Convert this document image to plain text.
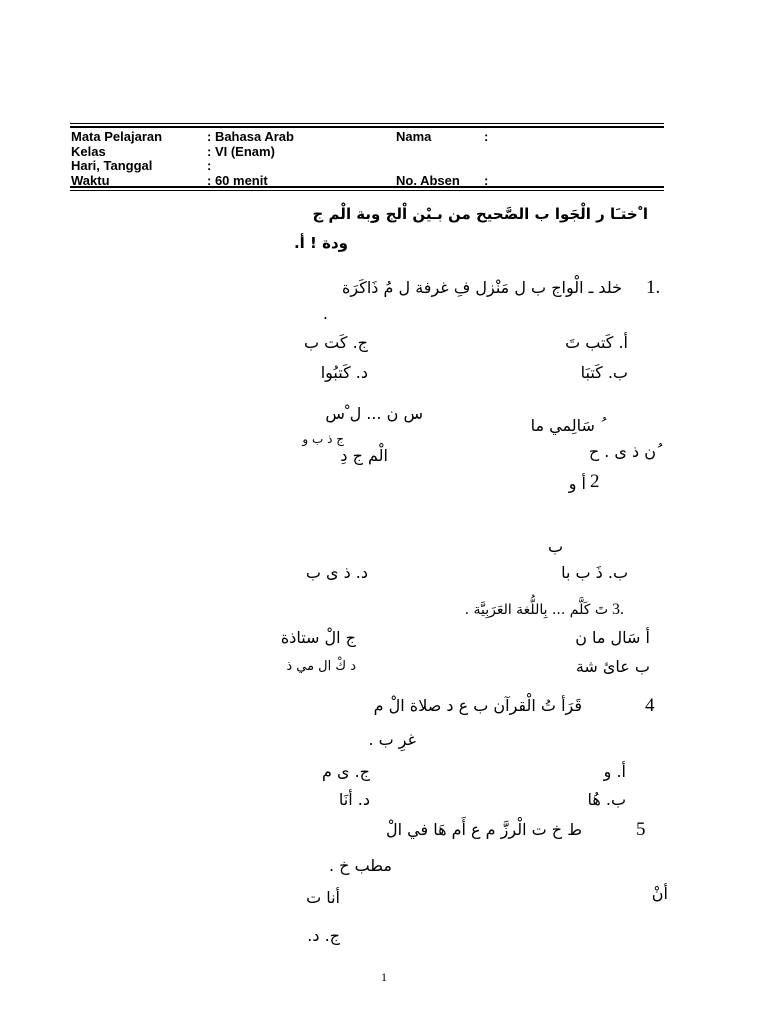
Mata Pelajaran	: Bahasa Arab	Nama	:
Kelas	: VI (Enam)
Hari, Tanggal	:
Waktu	: 60 menit	No. Absen :
ا ْختـَا ر الْجَوا ب الصَّحيح من بـيْن اْلج وبة الْم ج
ودة ! أ.
1.
خلد ـ الْواج ب ل مَنْزل فِ غرفة ل مُ ذَاكَرَة
.
أ. كَتب تَ
ج. كَت ب
ب. كَتبَا
د. كَتبُوا
س ن ... ل ْس
ُ سَالِمي ما
الْم ج دِ	ُن ذ ى . ح
ج ذ ب و
2
أ و
ب
ب. ذَ ب با
د. ذ ى ب
3.
تَ كَلَّم ... بِاللُّغة العَرَبِيَّة .
أ سَال ما ن
ج الْ ستاذة
ب عائ شة
د كْ ال مي ذ
4
قَرَأ تُ الْقرآن ب ع د صلاة الْ م
غرِ ب .
أ. و
ج. ى م
ب. هُا
د. أنَا
5
ط خ ت الْرزَّ م ع أَم هَا في الْ
مطب خ .
أنْ
أنا ت
ج. د.
1
